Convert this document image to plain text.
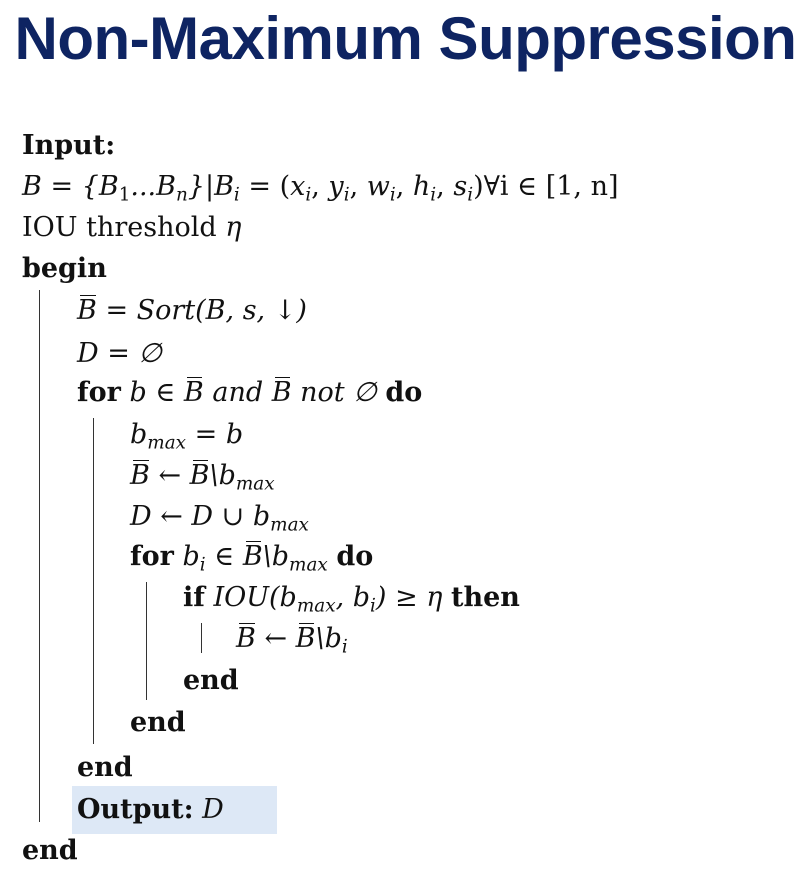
Non-Maximum Suppression
Input:
$B = \{B_1...B_n\}|B_i = (x_i$, $y_i$, $w_i$, $h_i$, $s_i)\forall i$ ∈ [1, n]
IOU threshold η
begin
B = Sort(B, s, ↓)
D = ∅
for b ∈ B and B not ∅ do
$b_{max} = b$
B ← $B\backslash b_{max}$
D ← D ∪ $b_{max}$
for $b_i$ ∈ $B\backslash b_{max}$ do
if $IOU(b_{max}$, $b_i) \ge \eta$ then
B ← $B\backslash b_i$
end
end
end
Output: D
end
